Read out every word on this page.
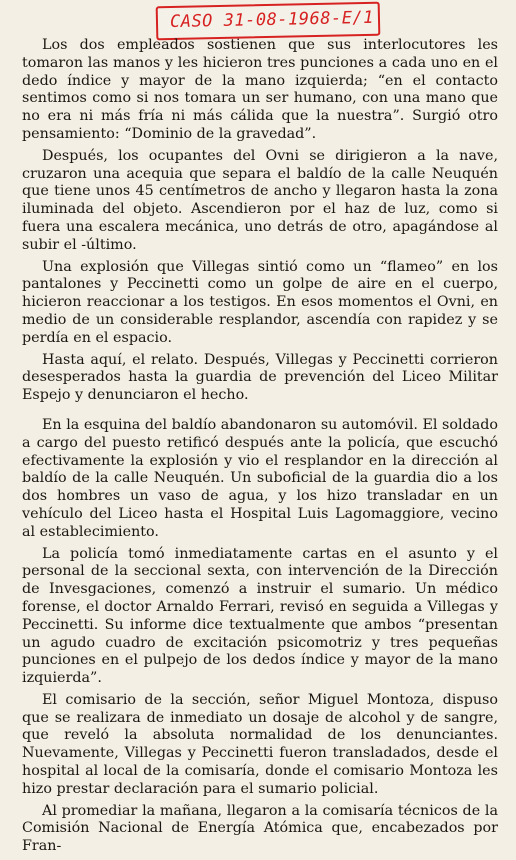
CASO 31-08-1968-E/1

Los dos empleados sostienen que sus interlocutores les tomaron las manos y les hicieron tres punciones a cada uno en el dedo índice y mayor de la mano izquierda; “en el contacto sentimos como si nos tomara un ser humano, con una mano que no era ni más fría ni más cálida que la nuestra”. Surgió otro pensamiento: “Dominio de la gravedad”.

Después, los ocupantes del Ovni se dirigieron a la nave, cruzaron una acequia que separa el baldío de la calle Neuquén que tiene unos 45 centímetros de ancho y llegaron hasta la zona iluminada del objeto. Ascendieron por el haz de luz, como si fuera una escalera mecánica, uno detrás de otro, apagándose al subir el -último.

Una explosión que Villegas sintió como un “flameo” en los pantalones y Peccinetti como un golpe de aire en el cuerpo, hicieron reaccionar a los testigos. En esos momentos el Ovni, en medio de un considerable resplandor, ascendía con rapidez y se perdía en el espacio.

Hasta aquí, el relato. Después, Villegas y Peccinetti corrieron desesperados hasta la guardia de prevención del Liceo Militar Espejo y denunciaron el hecho.

En la esquina del baldío abandonaron su automóvil. El soldado a cargo del puesto retificó después ante la policía, que escuchó efectivamente la explosión y vio el resplandor en la dirección al baldío de la calle Neuquén. Un suboficial de la guardia dio a los dos hombres un vaso de agua, y los hizo transladar en un vehículo del Liceo hasta el Hospital Luis Lagomaggiore, vecino al establecimiento.

La policía tomó inmediatamente cartas en el asunto y el personal de la seccional sexta, con intervención de la Dirección de Invesgaciones, comenzó a instruir el sumario. Un médico forense, el doctor Arnaldo Ferrari, revisó en seguida a Villegas y Peccinetti. Su informe dice textualmente que ambos “presentan un agudo cuadro de excitación psicomotriz y tres pequeñas punciones en el pulpejo de los dedos índice y mayor de la mano izquierda”.

El comisario de la sección, señor Miguel Montoza, dispuso que se realizara de inmediato un dosaje de alcohol y de sangre, que reveló la absoluta normalidad de los denunciantes. Nuevamente, Villegas y Peccinetti fueron transladados, desde el hospital al local de la comisaría, donde el comisario Montoza les hizo prestar declaración para el sumario policial.

Al promediar la mañana, llegaron a la comisaría técnicos de la Comisión Nacional de Energía Atómica que, encabezados por Fran-
